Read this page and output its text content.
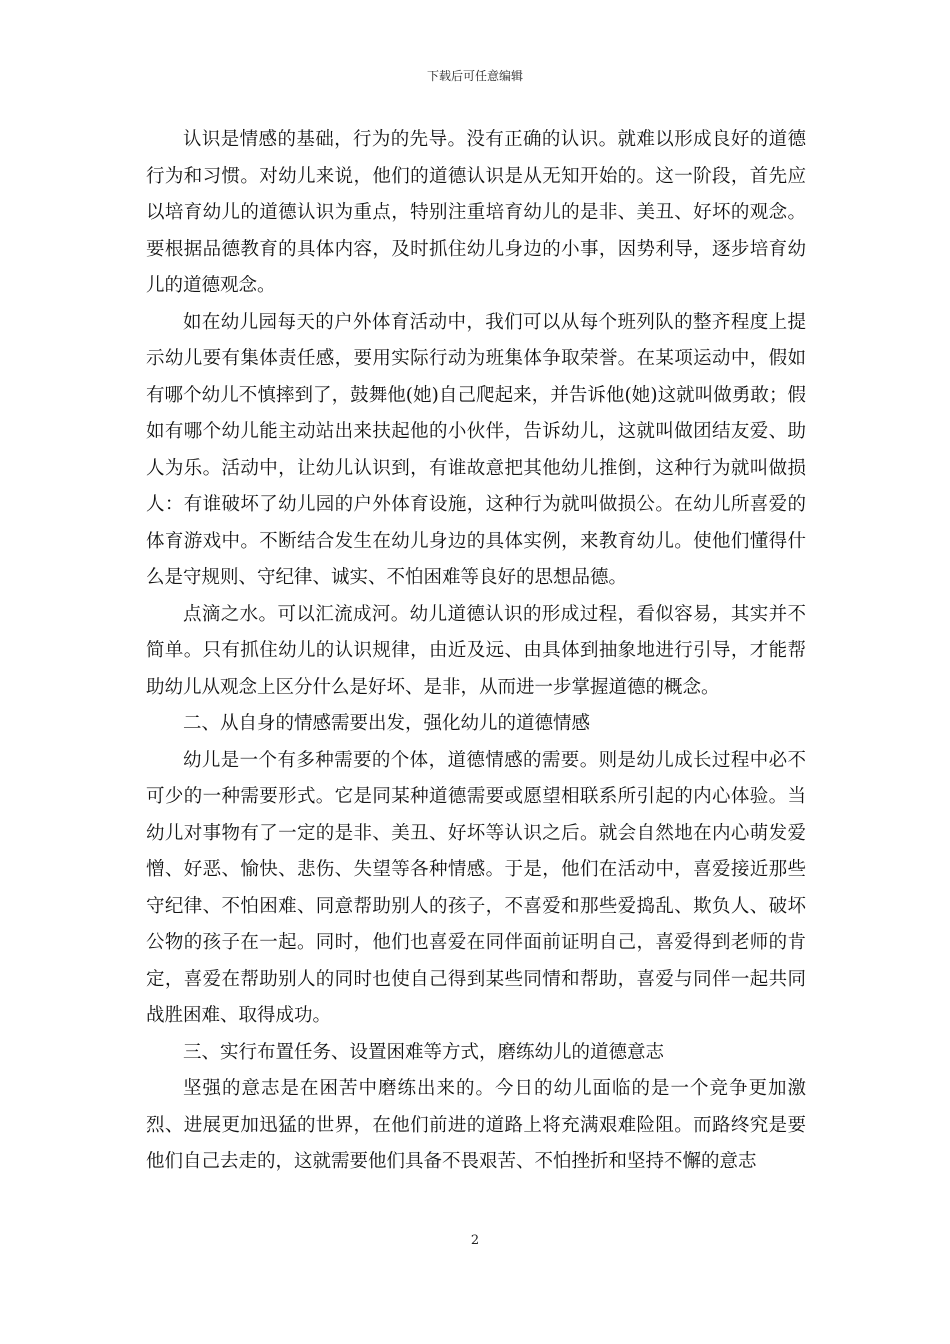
下载后可任意编辑

认识是情感的基础，行为的先导。没有正确的认识。就难以形成良好的道德行为和习惯。对幼儿来说，他们的道德认识是从无知开始的。这一阶段，首先应以培育幼儿的道德认识为重点，特别注重培育幼儿的是非、美丑、好坏的观念。要根据品德教育的具体内容，及时抓住幼儿身边的小事，因势利导，逐步培育幼儿的道德观念。

如在幼儿园每天的户外体育活动中，我们可以从每个班列队的整齐程度上提示幼儿要有集体责任感，要用实际行动为班集体争取荣誉。在某项运动中，假如有哪个幼儿不慎摔到了，鼓舞他(她)自己爬起来，并告诉他(她)这就叫做勇敢；假如有哪个幼儿能主动站出来扶起他的小伙伴，告诉幼儿，这就叫做团结友爱、助人为乐。活动中，让幼儿认识到，有谁故意把其他幼儿推倒，这种行为就叫做损人：有谁破坏了幼儿园的户外体育设施，这种行为就叫做损公。在幼儿所喜爱的体育游戏中。不断结合发生在幼儿身边的具体实例，来教育幼儿。使他们懂得什么是守规则、守纪律、诚实、不怕困难等良好的思想品德。

点滴之水。可以汇流成河。幼儿道德认识的形成过程，看似容易，其实并不简单。只有抓住幼儿的认识规律，由近及远、由具体到抽象地进行引导，才能帮助幼儿从观念上区分什么是好坏、是非，从而进一步掌握道德的概念。

二、从自身的情感需要出发，强化幼儿的道德情感

幼儿是一个有多种需要的个体，道德情感的需要。则是幼儿成长过程中必不可少的一种需要形式。它是同某种道德需要或愿望相联系所引起的内心体验。当幼儿对事物有了一定的是非、美丑、好坏等认识之后。就会自然地在内心萌发爱憎、好恶、愉快、悲伤、失望等各种情感。于是，他们在活动中，喜爱接近那些守纪律、不怕困难、同意帮助别人的孩子，不喜爱和那些爱捣乱、欺负人、破坏公物的孩子在一起。同时，他们也喜爱在同伴面前证明自己，喜爱得到老师的肯定，喜爱在帮助别人的同时也使自己得到某些同情和帮助，喜爱与同伴一起共同战胜困难、取得成功。

三、实行布置任务、设置困难等方式，磨练幼儿的道德意志

坚强的意志是在困苦中磨练出来的。今日的幼儿面临的是一个竞争更加激烈、进展更加迅猛的世界，在他们前进的道路上将充满艰难险阻。而路终究是要他们自己去走的，这就需要他们具备不畏艰苦、不怕挫折和坚持不懈的意志

2
